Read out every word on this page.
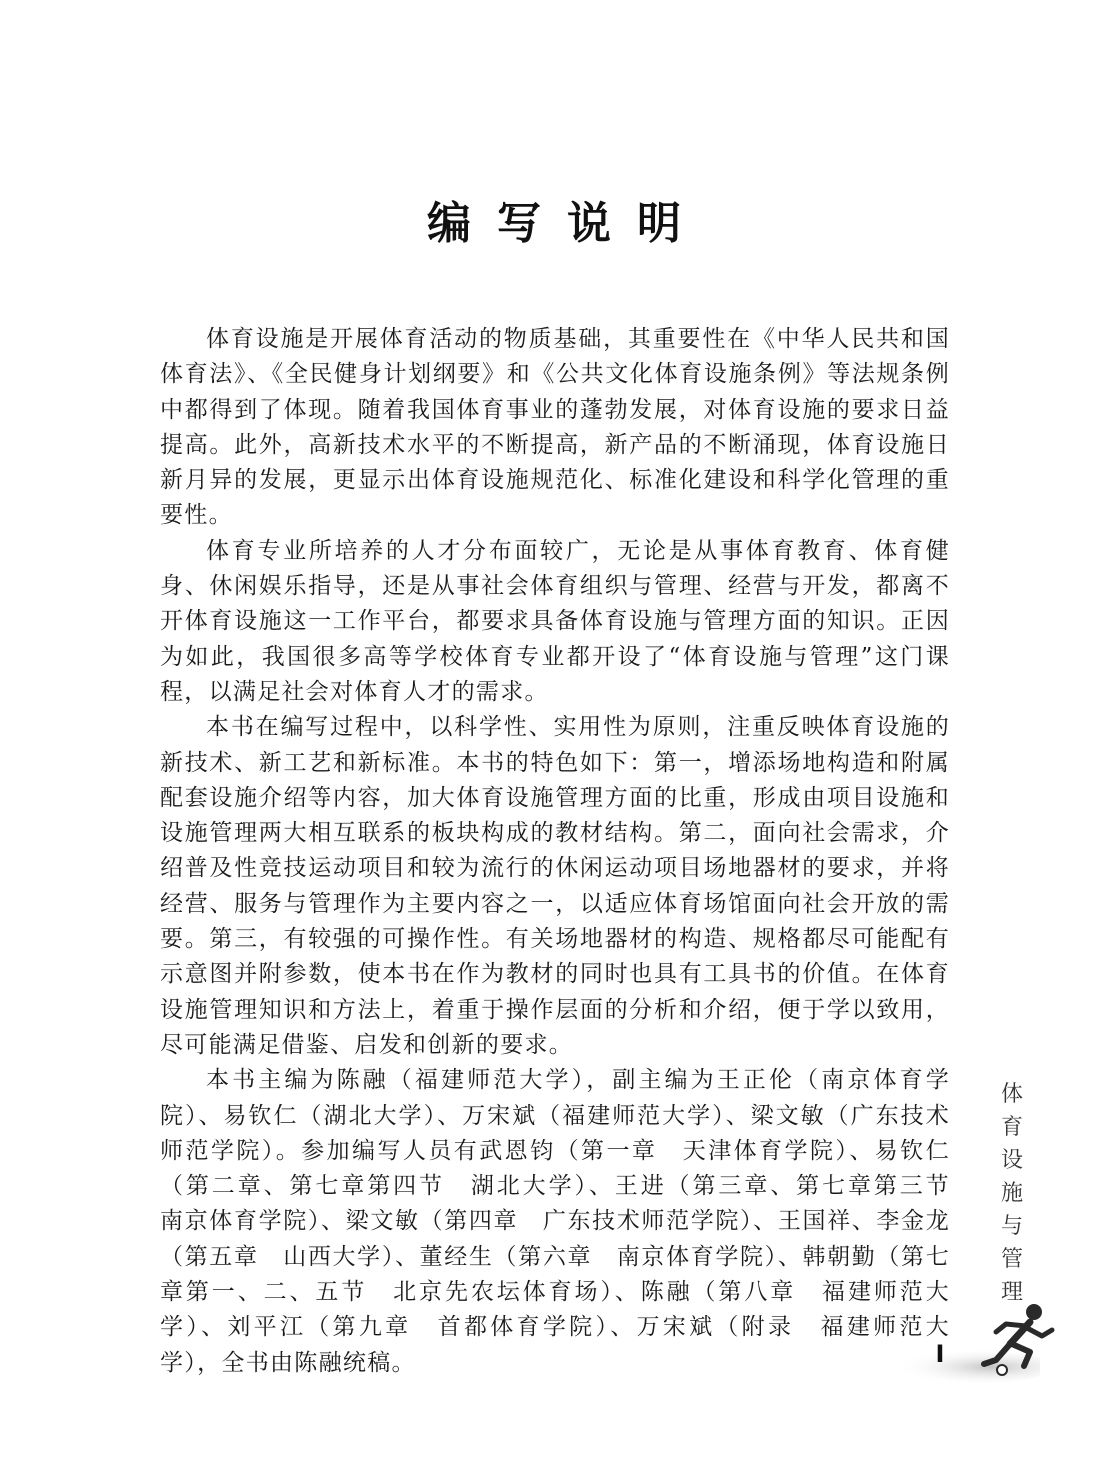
编写说明

体育设施是开展体育活动的物质基础，其重要性在《中华人民共和国体育法》、《全民健身计划纲要》和《公共文化体育设施条例》等法规条例中都得到了体现。随着我国体育事业的蓬勃发展，对体育设施的要求日益提高。此外，高新技术水平的不断提高，新产品的不断涌现，体育设施日新月异的发展，更显示出体育设施规范化、标准化建设和科学化管理的重要性。

体育专业所培养的人才分布面较广，无论是从事体育教育、体育健身、休闲娱乐指导，还是从事社会体育组织与管理、经营与开发，都离不开体育设施这一工作平台，都要求具备体育设施与管理方面的知识。正因为如此，我国很多高等学校体育专业都开设了“体育设施与管理”这门课程，以满足社会对体育人才的需求。

本书在编写过程中，以科学性、实用性为原则，注重反映体育设施的新技术、新工艺和新标准。本书的特色如下：第一，增添场地构造和附属配套设施介绍等内容，加大体育设施管理方面的比重，形成由项目设施和设施管理两大相互联系的板块构成的教材结构。第二，面向社会需求，介绍普及性竞技运动项目和较为流行的休闲运动项目场地器材的要求，并将经营、服务与管理作为主要内容之一，以适应体育场馆面向社会开放的需要。第三，有较强的可操作性。有关场地器材的构造、规格都尽可能配有示意图并附参数，使本书在作为教材的同时也具有工具书的价值。在体育设施管理知识和方法上，着重于操作层面的分析和介绍，便于学以致用，尽可能满足借鉴、启发和创新的要求。

本书主编为陈融（福建师范大学），副主编为王正伦（南京体育学院）、易钦仁（湖北大学）、万宋斌（福建师范大学）、梁文敏（广东技术师范学院）。参加编写人员有武恩钧（第一章　天津体育学院）、易钦仁（第二章、第七章第四节　湖北大学）、王进（第三章、第七章第三节　南京体育学院）、梁文敏（第四章　广东技术师范学院）、王国祥、李金龙（第五章　山西大学）、董经生（第六章　南京体育学院）、韩朝勤（第七章第一、二、五节　北京先农坛体育场）、陈融（第八章　福建师范大学）、刘平江（第九章　首都体育学院）、万宋斌（附录　福建师范大学），全书由陈融统稿。

体
育
设
施
与
管
理
I
